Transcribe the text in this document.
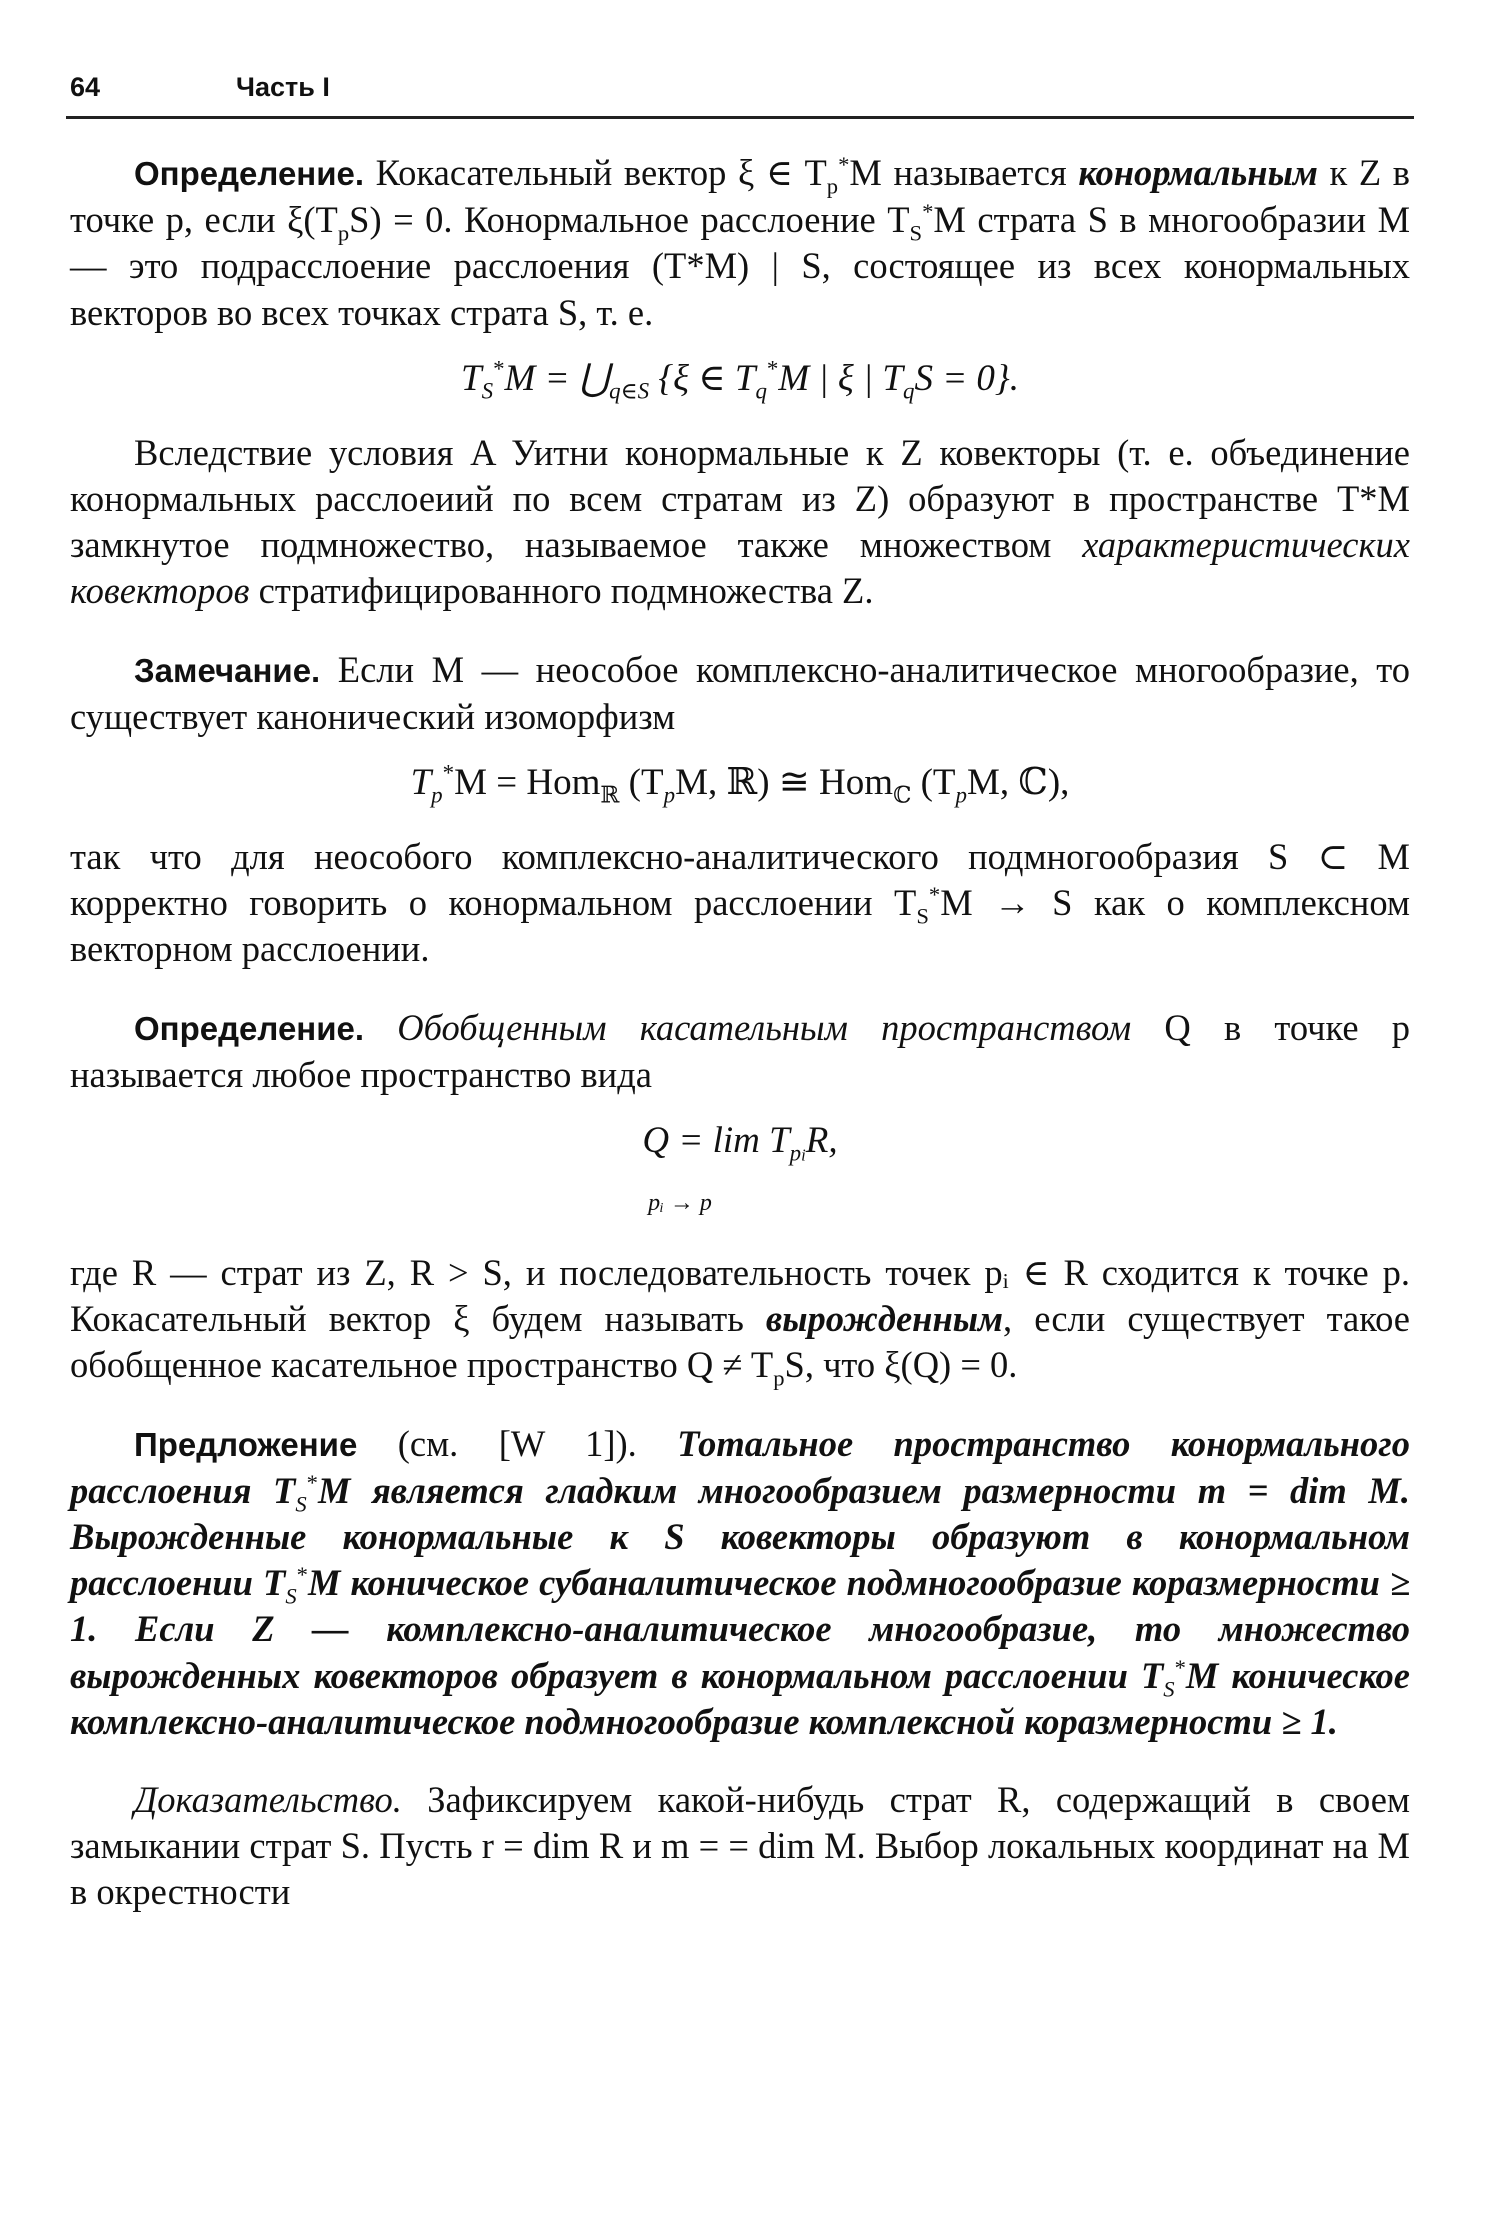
64	Часть I

Определение. Кокасательный вектор ξ ∈ $T_p^*M$ называется конормальным к Z в точке p, если $\xi(T_pS) = 0$. Конормальное расслоение $T_S^*M$ страта S в многообразии M — это подрасслоение расслоения (T*M) | S, состоящее из всех конормальных векторов во всех точках страта S, т. е.

$T_S^*M$ = $⋃_{q\in S}$ {ξ ∈ $T_q^*M$ | ξ | $T_qS = 0$}.

Вследствие условия A Уитни конормальные к Z ковекторы (т. е. объединение конормальных расслоеиий по всем стратам из Z) образуют в пространстве T*M замкнутое подмножество, называемое также множеством характеристических ковекторов стратифицированного подмножества Z.

Замечание. Если M — неособое комплексно-аналитическое многообразие, то существует канонический изоморфизм

$T_p^*M = Hom_ℝ$ ($T_pM$, ℝ) ≅ Hom$_ℂ$ ($T_pM$, ℂ),

так что для неособого комплексно-аналитического подмногообразия S ⊂ M корректно говорить о конормальном расслоении $T_S^*M \to S$ как о комплексном векторном расслоении.

Определение. Обобщенным касательным пространством Q в точке p называется любое пространство вида

$Q = \lim T_{pi}R$,
pᵢ → p

где R — страт из Z, R > S, и последовательность точек pᵢ ∈ R сходится к точке p. Кокасательный вектор ξ будем называть вырожденным, если существует такое обобщенное касательное пространство $Q \ne T_pS$, что ξ(Q) = 0.

Предложение (см. [W 1]). Тотальное пространство конормального расслоения $T_S^*M$ является гладким многообразием размерности m = dim M. Вырожденные конормальные к S ковекторы образуют в конормальном расслоении $T_S^*M$ коническое субаналитическое подмногообразие коразмерности ≥ 1. Если Z — комплексно-аналитическое многообразие, то множество вырожденных ковекторов образует в конормальном расслоении $T_S^*M$ коническое комплексно-аналитическое подмногообразие комплексной коразмерности ≥ 1.

Доказательство. Зафиксируем какой-нибудь страт R, содержащий в своем замыкании страт S. Пусть r = dim R и m = = dim M. Выбор локальных координат на M в окрестности
